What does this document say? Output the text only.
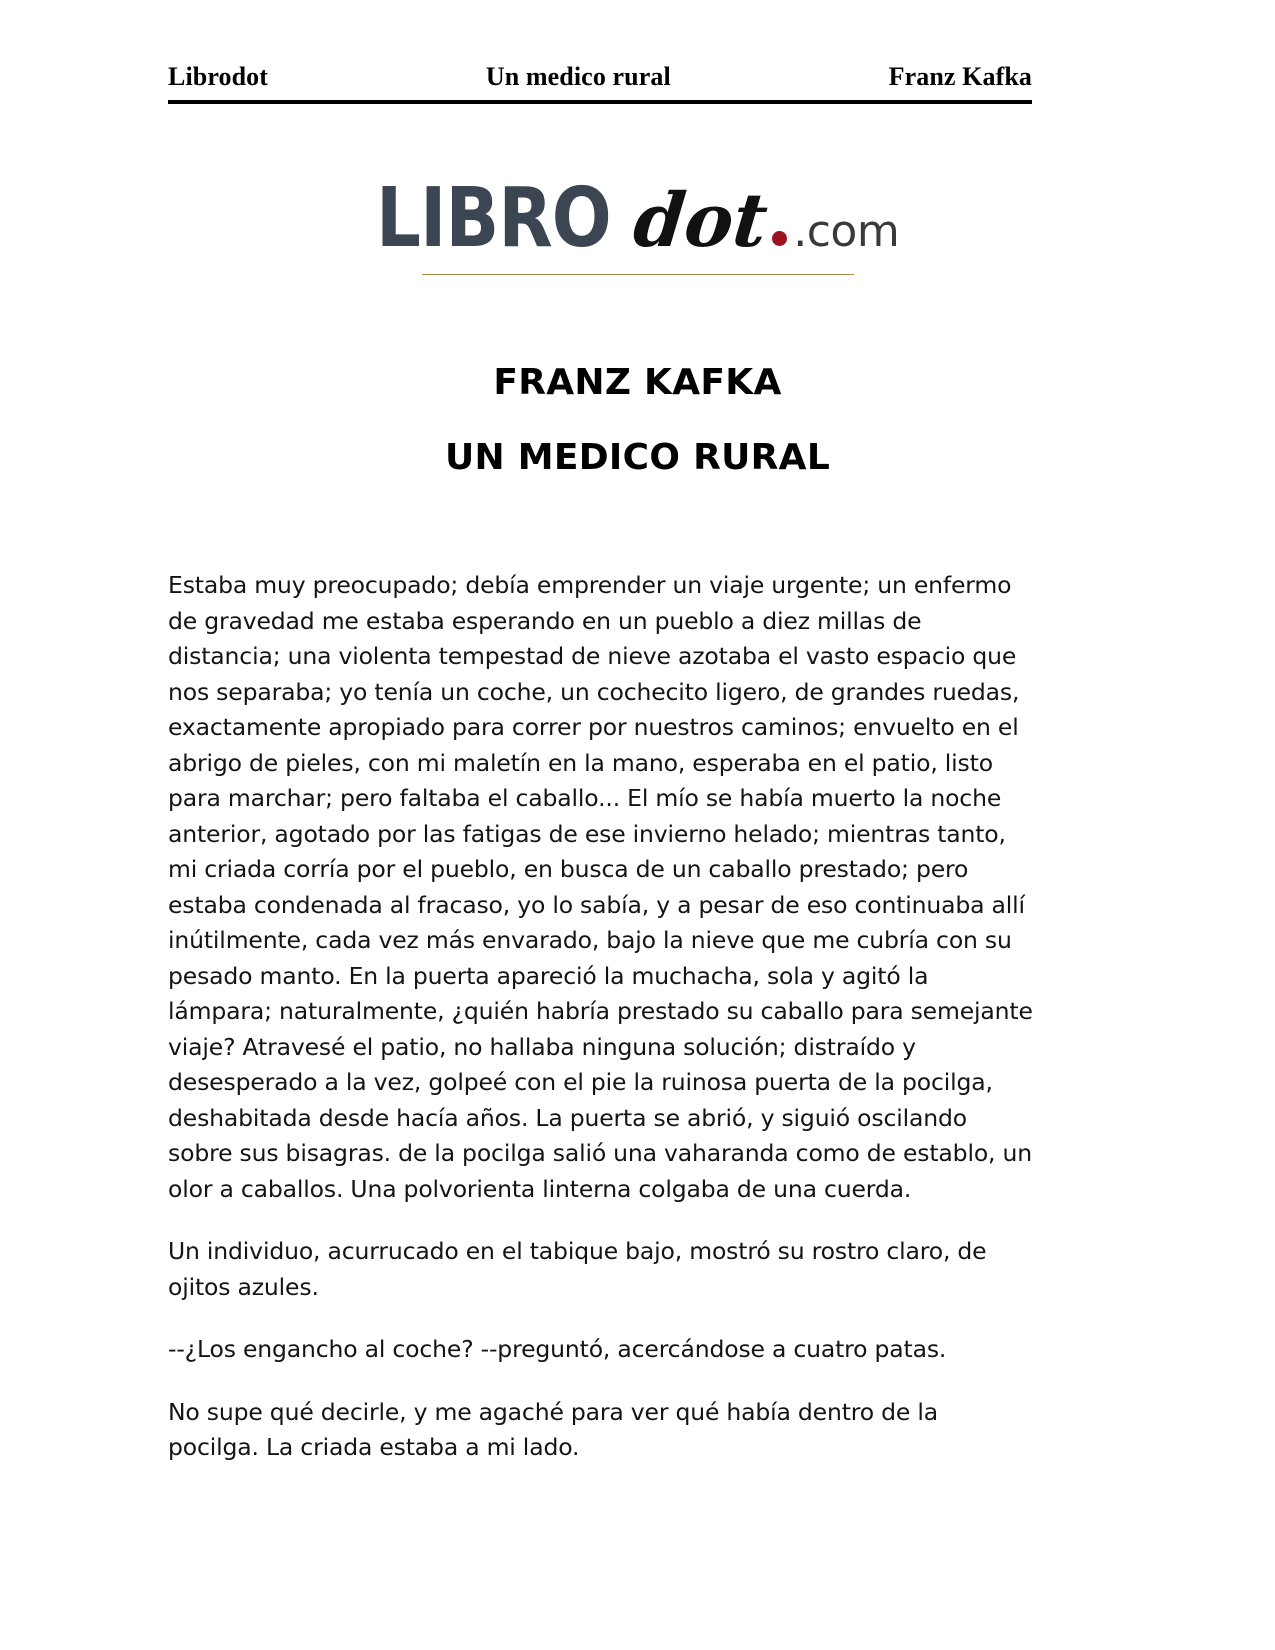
Librodot	Un medico rural	Franz Kafka
LIBRO dot .com
FRANZ KAFKA
UN MEDICO RURAL

Estaba muy preocupado; debía emprender un viaje urgente; un enfermo de gravedad me estaba esperando en un pueblo a diez millas de distancia; una violenta tempestad de nieve azotaba el vasto espacio que nos separaba; yo tenía un coche, un cochecito ligero, de grandes ruedas, exactamente apropiado para correr por nuestros caminos; envuelto en el abrigo de pieles, con mi maletín en la mano, esperaba en el patio, listo para marchar; pero faltaba el caballo... El mío se había muerto la noche anterior, agotado por las fatigas de ese invierno helado; mientras tanto, mi criada corría por el pueblo, en busca de un caballo prestado; pero estaba condenada al fracaso, yo lo sabía, y a pesar de eso continuaba allí inútilmente, cada vez más envarado, bajo la nieve que me cubría con su pesado manto. En la puerta apareció la muchacha, sola y agitó la lámpara; naturalmente, ¿quién habría prestado su caballo para semejante viaje? Atravesé el patio, no hallaba ninguna solución; distraído y desesperado a la vez, golpeé con el pie la ruinosa puerta de la pocilga, deshabitada desde hacía años. La puerta se abrió, y siguió oscilando sobre sus bisagras. de la pocilga salió una vaharanda como de establo, un olor a caballos. Una polvorienta linterna colgaba de una cuerda.

Un individuo, acurrucado en el tabique bajo, mostró su rostro claro, de ojitos azules.

--¿Los engancho al coche? --preguntó, acercándose a cuatro patas.

No supe qué decirle, y me agaché para ver qué había dentro de la pocilga. La criada estaba a mi lado.
